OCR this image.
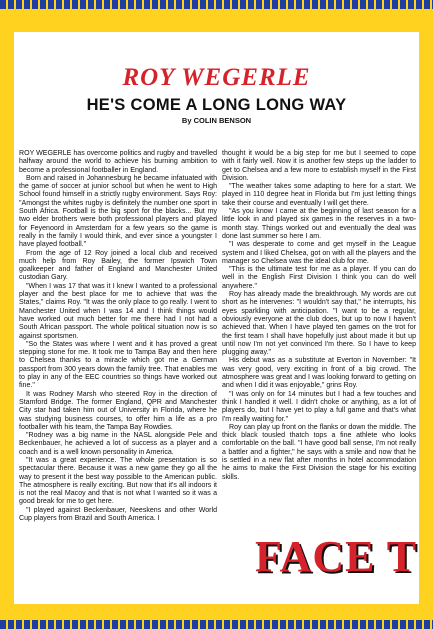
ROY WEGERLE
HE'S COME A LONG LONG WAY
By COLIN BENSON

ROY WEGERLE has overcome politics and rugby and travelled halfway around the world to achieve his burning ambition to become a professional footballer in England.

Born and raised in Johannesburg he became infatuated with the game of soccer at junior school but when he went to High School found himself in a strictly rugby environment. Says Roy: "Amongst the whites rugby is definitely the number one sport in South Africa. Football is the big sport for the blacks... But my two elder brothers were both professional players and played for Feyenoord in Amsterdam for a few years so the game is really in the family I would think, and ever since a youngster I have played football."

From the age of 12 Roy joined a local club and received much help from Roy Bailey, the former Ipswich Town goalkeeper and father of England and Manchester United custodian Gary.

"When I was 17 that was it I knew I wanted to a professional player and the best place for me to achieve that was the States," claims Roy. "It was the only place to go really. I went to Manchester United when I was 14 and I think things would have worked out much better for me there had I not had a South African passport. The whole political situation now is so against sportsmen.

"So the States was where I went and it has proved a great stepping stone for me. It took me to Tampa Bay and then here to Chelsea thanks to a miracle which got me a German passport from 300 years down the family tree. That enables me to play in any of the EEC countries so things have worked out fine."

It was Rodney Marsh who steered Roy in the direction of Stamford Bridge. The former England, QPR and Manchester City star had taken him out of University in Florida, where he was studying business courses, to offer him a life as a pro footballer with his team, the Tampa Bay Rowdies.

"Rodney was a big name in the NASL alongside Pele and Beckenbauer, he achieved a lot of success as a player and a coach and is a well known personality in America.

"It was a great experience. The whole presentation is so spectacular there. Because it was a new game they go all the way to present it the best way possible to the American public. The atmosphere is really exciting. But now that it's all indoors it is not the real Macoy and that is not what I wanted so it was a good break for me to get here.

"I played against Beckenbauer, Neeskens and other World Cup players from Brazil and South America. I

thought it would be a big step for me but I seemed to cope with it fairly well. Now it is another few steps up the ladder to get to Chelsea and a few more to establish myself in the First Division.

"The weather takes some adapting to here for a start. We played in 110 degree heat in Florida but I'm just letting things take their course and eventually I will get there.

"As you know I came at the beginning of last season for a little look in and played six games in the reserves in a two-month stay. Things worked out and eventually the deal was done last summer so here I am.

"I was desperate to come and get myself in the League system and I liked Chelsea, got on with all the players and the manager so Chelsea was the ideal club for me.

"This is the ultimate test for me as a player. If you can do well in the English First Division I think you can do well anywhere."

Roy has already made the breakthrough. My words are cut short as he intervenes: "I wouldn't say that," he interrupts, his eyes sparkling with anticipation. "I want to be a regular, obviously everyone at the club does, but up to now I haven't achieved that. When I have played ten games on the trot for the first team I shall have hopefully just about made it but up until now I'm not yet convinced I'm there. So I have to keep plugging away."

His debut was as a substitute at Everton in November: "It was very good, very exciting in front of a big crowd. The atmosphere was great and I was looking forward to getting on and when I did it was enjoyable," grins Roy.

"I was only on for 14 minutes but I had a few touches and think I handled it well. I didn't choke or anything, as a lot of players do, but I have yet to play a full game and that's what I'm really waiting for."

Roy can play up front on the flanks or down the middle. The thick black tousled thatch tops a fine athlete who looks comfortable on the ball. "I have good ball sense, I'm not really a battler and a fighter," he says with a smile and now that he is settled in a new flat after months in hotel accommodation he aims to make the First Division the stage for his exciting skills.

FACE T
